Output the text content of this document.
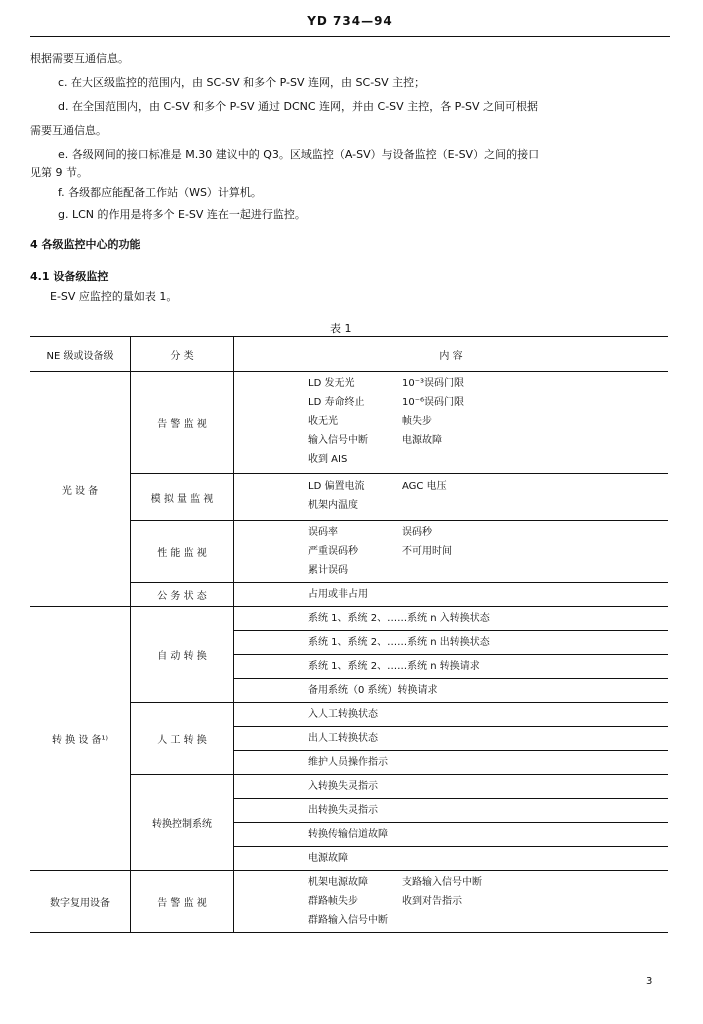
YD 734—94
根据需要互通信息。
c. 在大区级监控的范围内，由 SC-SV 和多个 P-SV 连网，由 SC-SV 主控；
d. 在全国范围内，由 C-SV 和多个 P-SV 通过 DCNC 连网，并由 C-SV 主控，各 P-SV 之间可根据
需要互通信息。
e. 各级网间的接口标准是 M.30 建议中的 Q3。区域监控（A-SV）与设备监控（E-SV）之间的接口
见第 9 节。
f. 各级都应能配备工作站（WS）计算机。
g. LCN 的作用是将多个 E-SV 连在一起进行监控。
4 各级监控中心的功能
4.1 设备级监控
E-SV 应监控的量如表 1。
表 1
NE 级或设备级	分 类	内 容
光 设 备	告 警 监 视	LD 发无光 10⁻³误码门限
LD 寿命终止 10⁻⁶误码门限
收无光 帧失步
输入信号中断 电源故障
收到 AIS

	模 拟 量 监 视	LD 偏置电流 AGC 电压
机架内温度

	性 能 监 视	误码率 误码秒
严重误码秒 不可用时间
累计误码

	公 务 状 态	占用或非占用
转 换 设 备¹⁾	自 动 转 换	系统 1、系统 2、……系统 n 入转换状态
		系统 1、系统 2、……系统 n 出转换状态
		系统 1、系统 2、……系统 n 转换请求
		备用系统（0 系统）转换请求
	人 工 转 换	入人工转换状态
		出人工转换状态
		维护人员操作指示
	转换控制系统	入转换失灵指示
		出转换失灵指示
		转换传输信道故障
		电源故障
数字复用设备	告 警 监 视	机架电源故障 支路输入信号中断
群路帧失步 收到对告指示
群路输入信号中断
3
